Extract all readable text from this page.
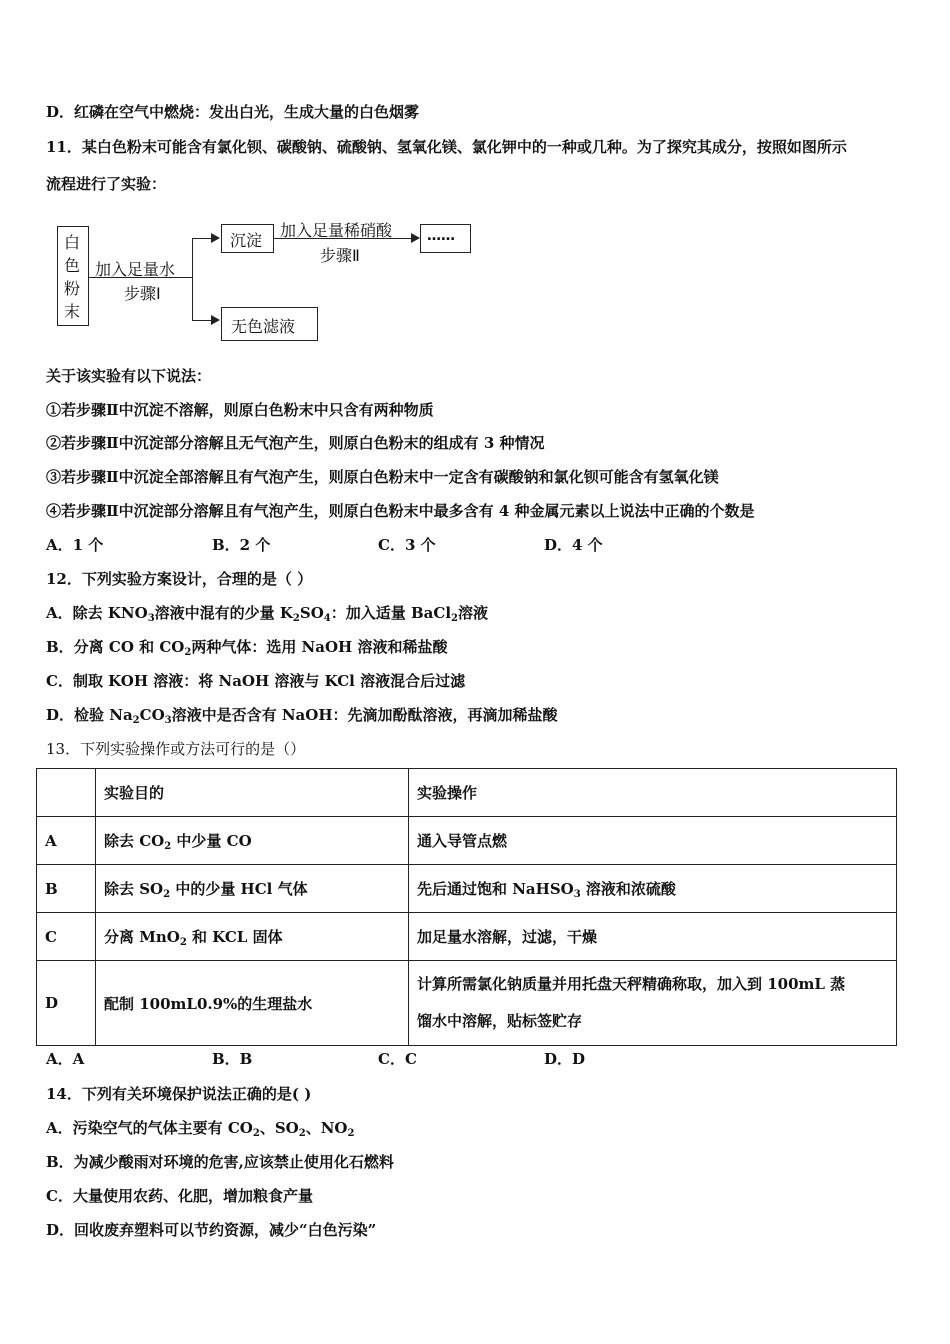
D．红磷在空气中燃烧：发出白光，生成大量的白色烟雾
11．某白色粉末可能含有氯化钡、碳酸钠、硫酸钠、氢氧化镁、氯化钾中的一种或几种。为了探究其成分，按照如图所示
流程进行了实验：
白
色
粉
末
加入足量水
步骤Ⅰ
沉淀
加入足量稀硝酸
步骤Ⅱ
……
无色滤液
关于该实验有以下说法：
①若步骤Ⅱ中沉淀不溶解，则原白色粉末中只含有两种物质
②若步骤Ⅱ中沉淀部分溶解且无气泡产生，则原白色粉末的组成有 3 种情况
③若步骤Ⅱ中沉淀全部溶解且有气泡产生，则原白色粉末中一定含有碳酸钠和氯化钡可能含有氢氧化镁
④若步骤Ⅱ中沉淀部分溶解且有气泡产生，则原白色粉末中最多含有 4 种金属元素以上说法中正确的个数是
A．1 个	B．2 个	C．3 个	D．4 个
12．下列实验方案设计，合理的是（ ）
A．除去 $KNO_3$溶液中混有的少量 $K_2SO_4$：加入适量 BaCl$_2$溶液
B．分离 CO 和 $CO_2$两种气体：选用 NaOH 溶液和稀盐酸
C．制取 KOH 溶液：将 NaOH 溶液与 KCl 溶液混合后过滤
D．检验 $Na_2CO_3$溶液中是否含有 NaOH：先滴加酚酞溶液，再滴加稀盐酸
13．下列实验操作或方法可行的是（）
	实验目的	实验操作
A	除去 $CO_2$ 中少量 CO	通入导管点燃
B	除去 $SO_2$ 中的少量 HCl 气体	先后通过饱和 NaHSO$_3$ 溶液和浓硫酸
C	分离 MnO$_2$ 和 KCL 固体	加足量水溶解，过滤，干燥
D	配制 100mL0.9%的生理盐水	计算所需氯化钠质量并用托盘天秤精确称取，加入到 100mL 蒸
馏水中溶解，贴标签贮存
A．A	B．B	C．C	D．D
14．下列有关环境保护说法正确的是( )
A．污染空气的气体主要有 $CO_2$、$SO_2$、$NO_2$
B．为减少酸雨对环境的危害,应该禁止使用化石燃料
C．大量使用农药、化肥，增加粮食产量
D．回收废弃塑料可以节约资源，减少“白色污染”
